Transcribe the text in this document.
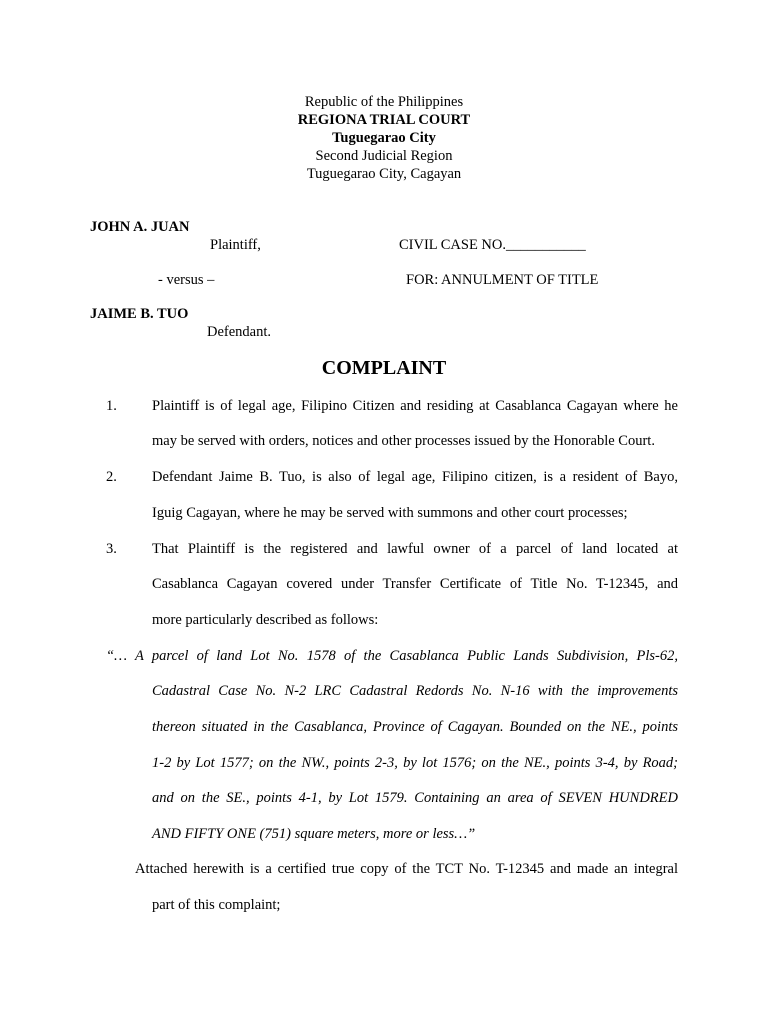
Republic of the Philippines
REGIONA TRIAL COURT
Tuguegarao City
Second Judicial Region
Tuguegarao City, Cagayan
JOHN A. JUAN
Plaintiff,	CIVIL CASE NO.___________
- versus –	FOR: ANNULMENT OF TITLE
JAIME B. TUO
Defendant.
COMPLAINT
1. Plaintiff is of legal age, Filipino Citizen and residing at Casablanca Cagayan where he
may be served with orders, notices and other processes issued by the Honorable Court.
2. Defendant Jaime B. Tuo, is also of legal age, Filipino citizen, is a resident of Bayo,
Iguig Cagayan, where he may be served with summons and other court processes;
3. That Plaintiff is the registered and lawful owner of a parcel of land located at
Casablanca Cagayan covered under Transfer Certificate of Title No. T-12345, and
more particularly described as follows:
“… A parcel of land Lot No. 1578 of the Casablanca Public Lands Subdivision, Pls-62,
Cadastral Case No. N-2 LRC Cadastral Redords No. N-16 with the improvements
thereon situated in the Casablanca, Province of Cagayan. Bounded on the NE., points
1-2 by Lot 1577; on the NW., points 2-3, by lot 1576; on the NE., points 3-4, by Road;
and on the SE., points 4-1, by Lot 1579. Containing an area of SEVEN HUNDRED
AND FIFTY ONE (751) square meters, more or less…”
Attached herewith is a certified true copy of the TCT No. T-12345 and made an integral
part of this complaint;
